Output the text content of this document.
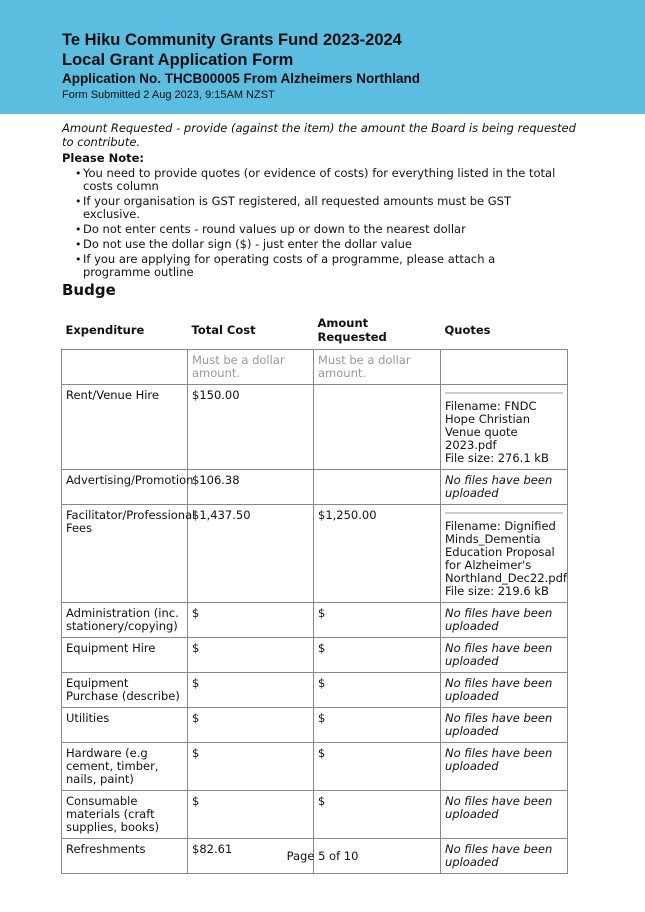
Te Hiku Community Grants Fund 2023-2024
Local Grant Application Form
Application No. THCB00005 From Alzheimers Northland
Form Submitted 2 Aug 2023, 9:15AM NZST
Amount Requested - provide (against the item) the amount the Board is being requested to contribute.
Please Note:
• You need to provide quotes (or evidence of costs) for everything listed in the total costs column
• If your organisation is GST registered, all requested amounts must be GST exclusive.
• Do not enter cents - round values up or down to the nearest dollar
• Do not use the dollar sign ($) - just enter the dollar value
• If you are applying for operating costs of a programme, please attach a programme outline
Budge
Expenditure	Total Cost	Amount Requested	Quotes
	Must be a dollar amount.	Must be a dollar amount.	
Rent/Venue Hire	$150.00		Filename: FNDC Hope Christian Venue quote 2023.pdf
File size: 276.1 kB

Advertising/Promotion	$106.38		No files have been uploaded
Facilitator/Professional Fees	$1,437.50	$1,250.00	Filename: Dignified Minds_Dementia Education Proposal for Alzheimer's Northland_Dec22.pdf
File size: 219.6 kB

Administration (inc. stationery/copying)	$	$	No files have been uploaded
Equipment Hire	$	$	No files have been uploaded
Equipment Purchase (describe)	$	$	No files have been uploaded
Utilities	$	$	No files have been uploaded
Hardware (e.g cement, timber, nails, paint)	$	$	No files have been uploaded
Consumable materials (craft supplies, books)	$	$	No files have been uploaded
Refreshments	$82.61		No files have been uploaded
Page 5 of 10
